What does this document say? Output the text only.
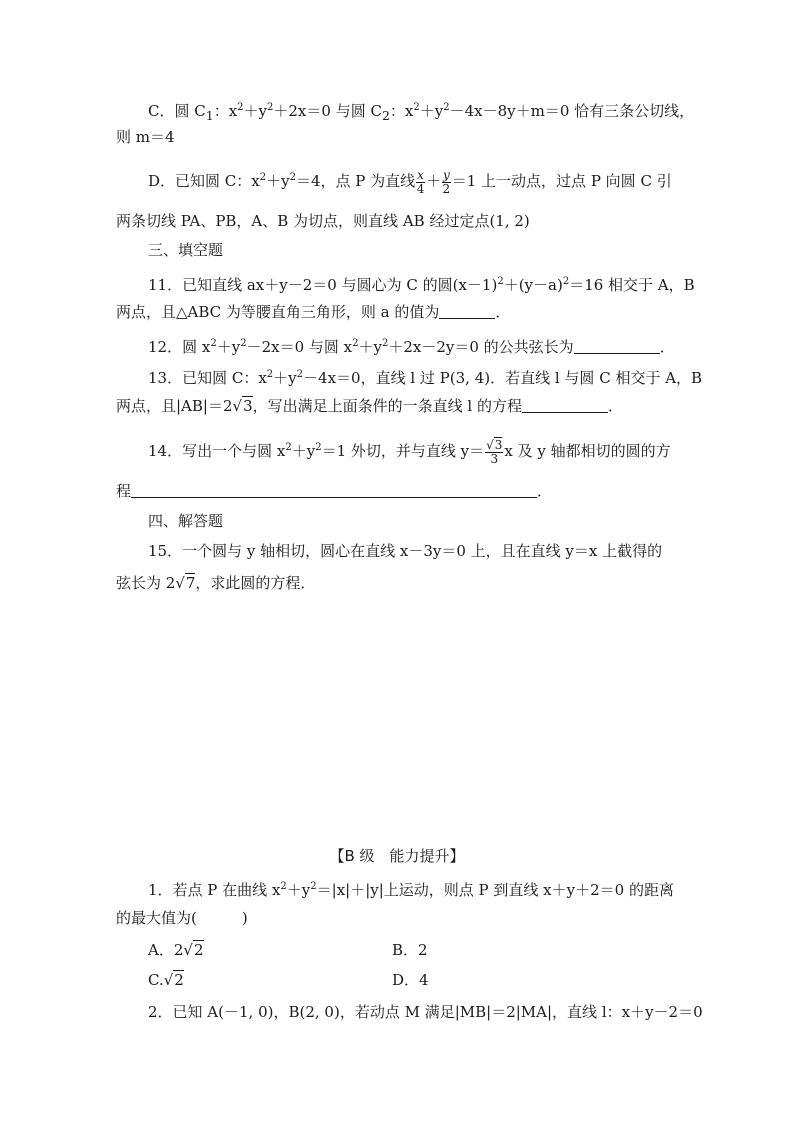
C．圆 $C_1$：$x^2+y^2+2x=0$ 与圆 $C_2$：$x^2+y^2-4x-8y+m=0$ 恰有三条公切线，
则 m＝4
D．已知圆 C：$x^2+y^2=4$，点 P 为直线 $\frac{x}{4} + \frac{y}{2} =1$ 上一动点，过点 P 向圆 C 引
两条切线 PA、PB，A、B 为切点，则直线 AB 经过定点(1, 2)
三、填空题
11．已知直线 ax＋y－2＝0 与圆心为 C 的圆$(x-1)^2+(y-a)^2=16$ 相交于 A，B
两点，且△ABC 为等腰直角三角形，则 a 的值为	．
12．圆 $x^2+y^2-2x=0$ 与圆 $x^2+y^2+2x-2y=0$ 的公共弦长为	．
13．已知圆 C：$x^2+y^2-4x=0$，直线 l 过 P(3, 4)．若直线 l 与圆 C 相交于 A，B
两点，且|AB|＝2√3，写出满足上面条件的一条直线 l 的方程	．
14．写出一个与圆 $x^2+y^2=1$ 外切，并与直线 $y= \frac{√3}{3}$ x 及 y 轴都相切的圆的方
程	．
四、解答题
15．一个圆与 y 轴相切，圆心在直线 x－3y＝0 上，且在直线 y＝x 上截得的
弦长为 2√7，求此圆的方程．
【B 级　能力提升】
1．若点 P 在曲线 $x^2+y^2=|x|+|y|$上运动，则点 P 到直线 x＋y＋2＝0 的距离
的最大值为(　　　)
A．2√2	B．2
C.√2	D．4
2．已知 A(－1, 0)，B(2, 0)，若动点 M 满足|MB|＝2|MA|，直线 l：x＋y－2＝0
